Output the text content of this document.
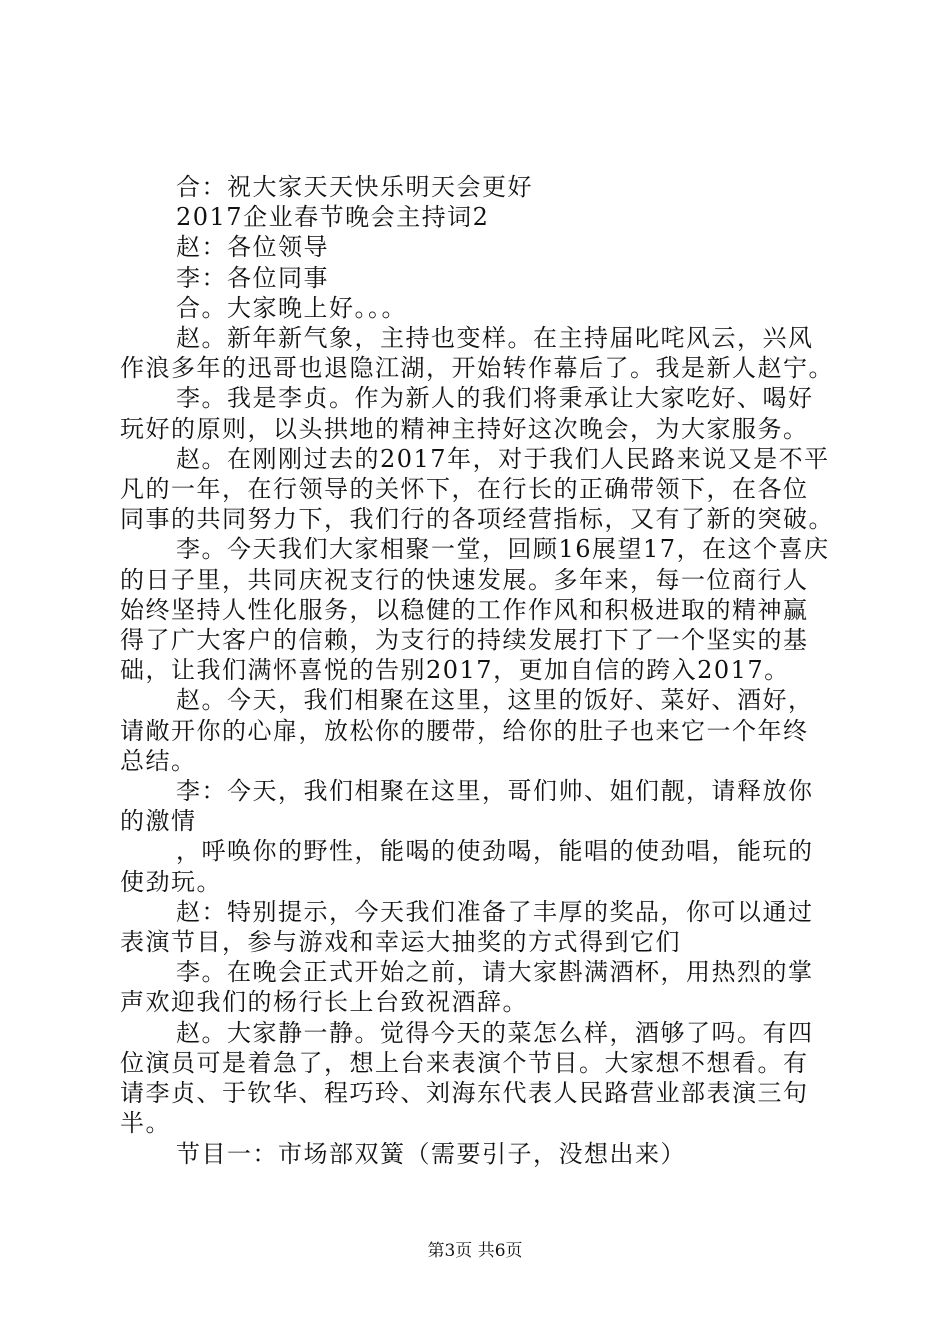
合：祝大家天天快乐明天会更好
2017企业春节晚会主持词2
赵：各位领导
李：各位同事
合。大家晚上好。。。
赵。新年新气象，主持也变样。在主持届叱咤风云，兴风
作浪多年的迅哥也退隐江湖，开始转作幕后了。我是新人赵宁。
李。我是李贞。作为新人的我们将秉承让大家吃好、喝好
玩好的原则，以头拱地的精神主持好这次晚会，为大家服务。
赵。在刚刚过去的2017年，对于我们人民路来说又是不平
凡的一年，在行领导的关怀下，在行长的正确带领下，在各位
同事的共同努力下，我们行的各项经营指标，又有了新的突破。
李。今天我们大家相聚一堂，回顾16展望17，在这个喜庆
的日子里，共同庆祝支行的快速发展。多年来，每一位商行人
始终坚持人性化服务，以稳健的工作作风和积极进取的精神赢
得了广大客户的信赖，为支行的持续发展打下了一个坚实的基
础，让我们满怀喜悦的告别2017，更加自信的跨入2017。
赵。今天，我们相聚在这里，这里的饭好、菜好、酒好，
请敞开你的心扉，放松你的腰带，给你的肚子也来它一个年终
总结。
李：今天，我们相聚在这里，哥们帅、姐们靓，请释放你
的激情
，呼唤你的野性，能喝的使劲喝，能唱的使劲唱，能玩的
使劲玩。
赵：特别提示，今天我们准备了丰厚的奖品，你可以通过
表演节目，参与游戏和幸运大抽奖的方式得到它们
李。在晚会正式开始之前，请大家斟满酒杯，用热烈的掌
声欢迎我们的杨行长上台致祝酒辞。
赵。大家静一静。觉得今天的菜怎么样，酒够了吗。有四
位演员可是着急了，想上台来表演个节目。大家想不想看。有
请李贞、于钦华、程巧玲、刘海东代表人民路营业部表演三句
半。
节目一：市场部双簧（需要引子，没想出来）
第3页 共6页
